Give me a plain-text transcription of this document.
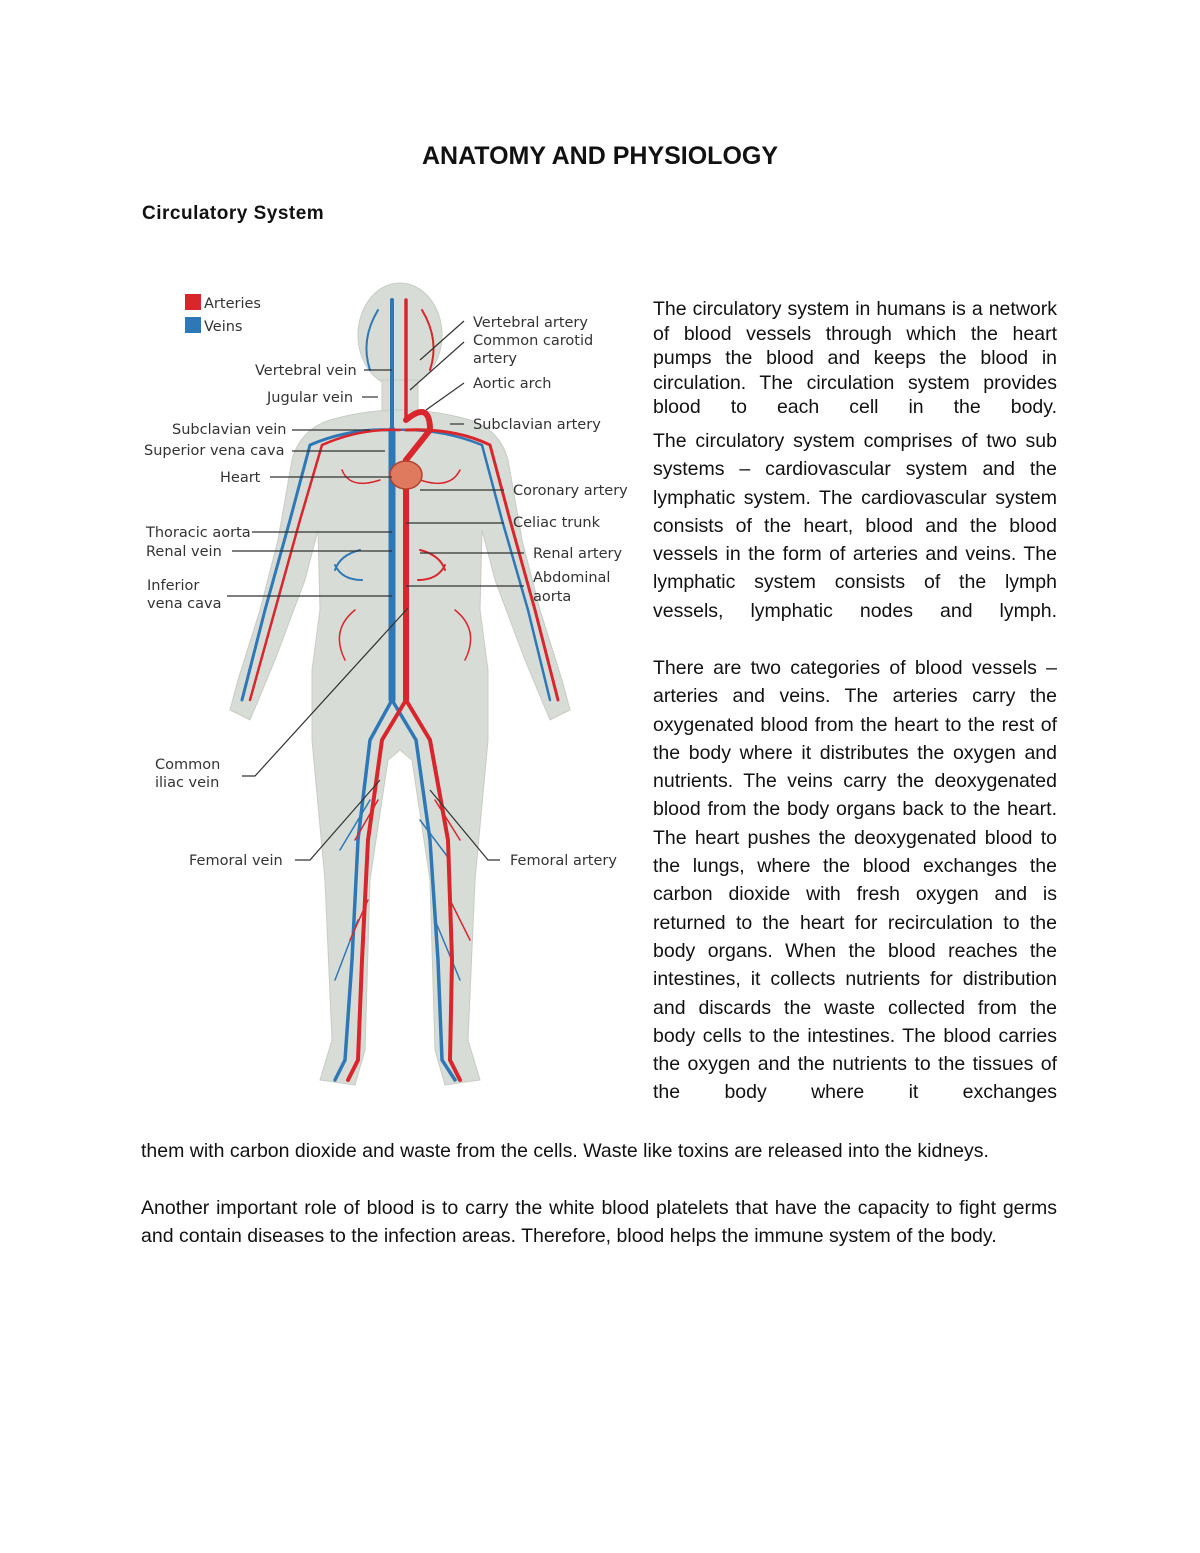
ANATOMY AND PHYSIOLOGY
Circulatory System
Arteries
Veins
Vertebral vein
Jugular vein
Subclavian vein
Superior vena cava
Heart
Thoracic aorta
Renal vein
Inferior
vena cava
Common
iliac vein
Femoral vein
Vertebral artery
Common carotid
artery
Aortic arch
Subclavian artery
Coronary artery
Celiac trunk
Renal artery
Abdominal
aorta
Femoral artery

The circulatory system in humans is a network of blood vessels through which the heart pumps the blood and keeps the blood in circulation. The circulation system provides blood to each cell in the body.

The circulatory system comprises of two sub systems – cardiovascular system and the lymphatic system. The cardiovascular system consists of the heart, blood and the blood vessels in the form of arteries and veins. The lymphatic system consists of the lymph vessels, lymphatic nodes and lymph.

There are two categories of blood vessels – arteries and veins. The arteries carry the oxygenated blood from the heart to the rest of the body where it distributes the oxygen and nutrients. The veins carry the deoxygenated blood from the body organs back to the heart. The heart pushes the deoxygenated blood to the lungs, where the blood exchanges the carbon dioxide with fresh oxygen and is returned to the heart for recirculation to the body organs. When the blood reaches the intestines, it collects nutrients for distribution and discards the waste collected from the body cells to the intestines. The blood carries the oxygen and the nutrients to the tissues of the body where it exchanges

them with carbon dioxide and waste from the cells. Waste like toxins are released into the kidneys.

Another important role of blood is to carry the white blood platelets that have the capacity to fight germs and contain diseases to the infection areas. Therefore, blood helps the immune system of the body.
